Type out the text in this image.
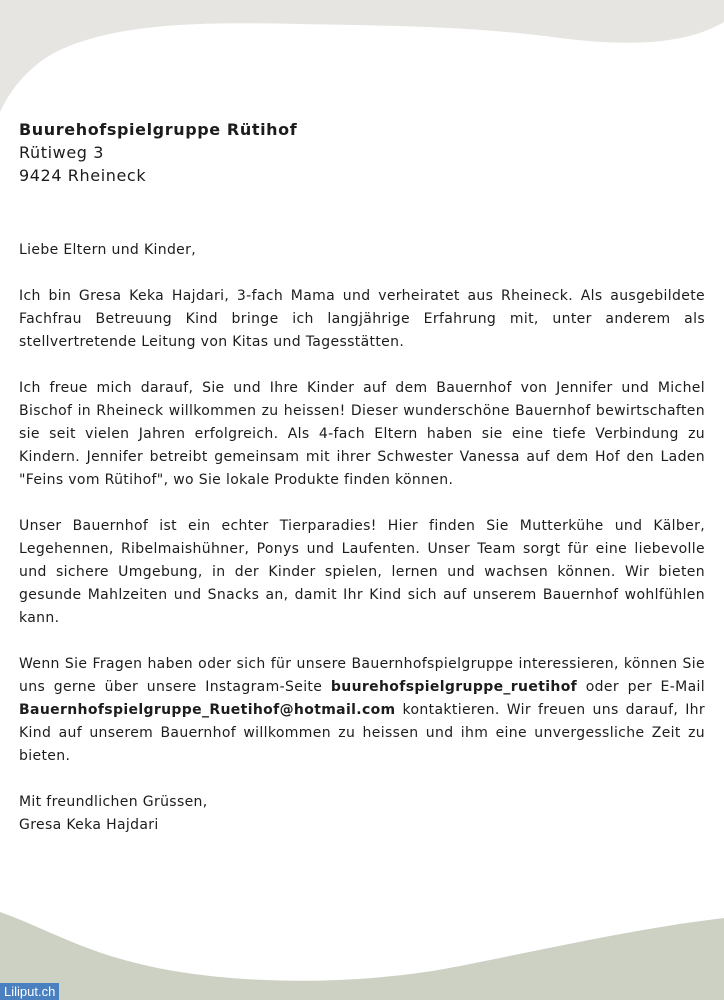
Buurehofspielgruppe Rütihof
Rütiweg 3
9424 Rheineck

Liebe Eltern und Kinder,

Ich bin Gresa Keka Hajdari, 3-fach Mama und verheiratet aus Rheineck. Als ausgebildete Fachfrau Betreuung Kind bringe ich langjährige Erfahrung mit, unter anderem als stellvertretende Leitung von Kitas und Tagesstätten.

Ich freue mich darauf, Sie und Ihre Kinder auf dem Bauernhof von Jennifer und Michel Bischof in Rheineck willkommen zu heissen! Dieser wunderschöne Bauernhof bewirtschaften sie seit vielen Jahren erfolgreich. Als 4-fach Eltern haben sie eine tiefe Verbindung zu Kindern. Jennifer betreibt gemeinsam mit ihrer Schwester Vanessa auf dem Hof den Laden "Feins vom Rütihof", wo Sie lokale Produkte finden können.

Unser Bauernhof ist ein echter Tierparadies! Hier finden Sie Mutterkühe und Kälber, Legehennen, Ribelmaishühner, Ponys und Laufenten. Unser Team sorgt für eine liebevolle und sichere Umgebung, in der Kinder spielen, lernen und wachsen können. Wir bieten gesunde Mahlzeiten und Snacks an, damit Ihr Kind sich auf unserem Bauernhof wohlfühlen kann.

Wenn Sie Fragen haben oder sich für unsere Bauernhofspielgruppe interessieren, können Sie uns gerne über unsere Instagram-Seite buurehofspielgruppe_ruetihof oder per E-Mail Bauernhofspielgruppe_Ruetihof@hotmail.com kontaktieren. Wir freuen uns darauf, Ihr Kind auf unserem Bauernhof willkommen zu heissen und ihm eine unvergessliche Zeit zu bieten.

Mit freundlichen Grüssen,
Gresa Keka Hajdari
Liliput.ch
